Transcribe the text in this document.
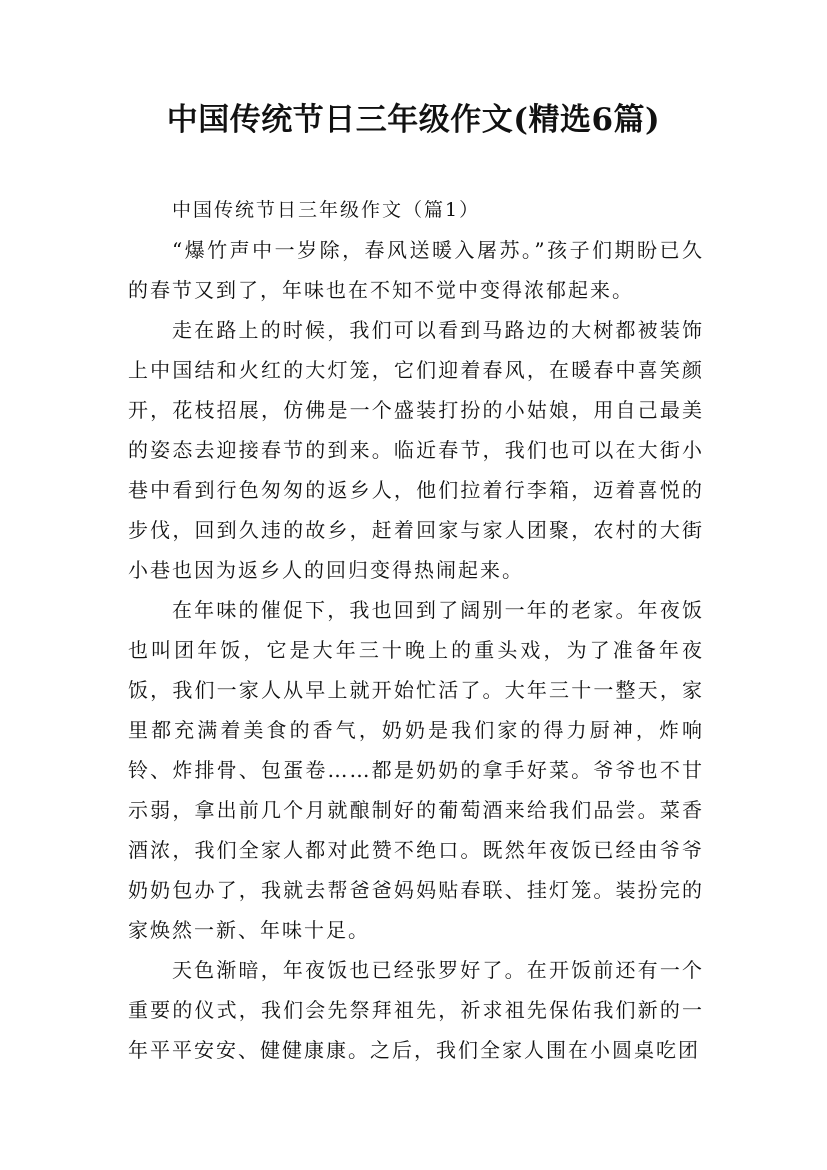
中国传统节日三年级作文(精选6篇)

中国传统节日三年级作文（篇1）

“爆竹声中一岁除，春风送暖入屠苏。”孩子们期盼已久的春节又到了，年味也在不知不觉中变得浓郁起来。

走在路上的时候，我们可以看到马路边的大树都被装饰上中国结和火红的大灯笼，它们迎着春风，在暖春中喜笑颜开，花枝招展，仿佛是一个盛装打扮的小姑娘，用自己最美的姿态去迎接春节的到来。临近春节，我们也可以在大街小巷中看到行色匆匆的返乡人，他们拉着行李箱，迈着喜悦的步伐，回到久违的故乡，赶着回家与家人团聚，农村的大街小巷也因为返乡人的回归变得热闹起来。

在年味的催促下，我也回到了阔别一年的老家。年夜饭也叫团年饭，它是大年三十晚上的重头戏，为了准备年夜饭，我们一家人从早上就开始忙活了。大年三十一整天，家里都充满着美食的香气，奶奶是我们家的得力厨神，炸响铃、炸排骨、包蛋卷……都是奶奶的拿手好菜。爷爷也不甘示弱，拿出前几个月就酿制好的葡萄酒来给我们品尝。菜香酒浓，我们全家人都对此赞不绝口。既然年夜饭已经由爷爷奶奶包办了，我就去帮爸爸妈妈贴春联、挂灯笼。装扮完的家焕然一新、年味十足。

天色渐暗，年夜饭也已经张罗好了。在开饭前还有一个重要的仪式，我们会先祭拜祖先，祈求祖先保佑我们新的一年平平安安、健健康康。之后，我们全家人围在小圆桌吃团
